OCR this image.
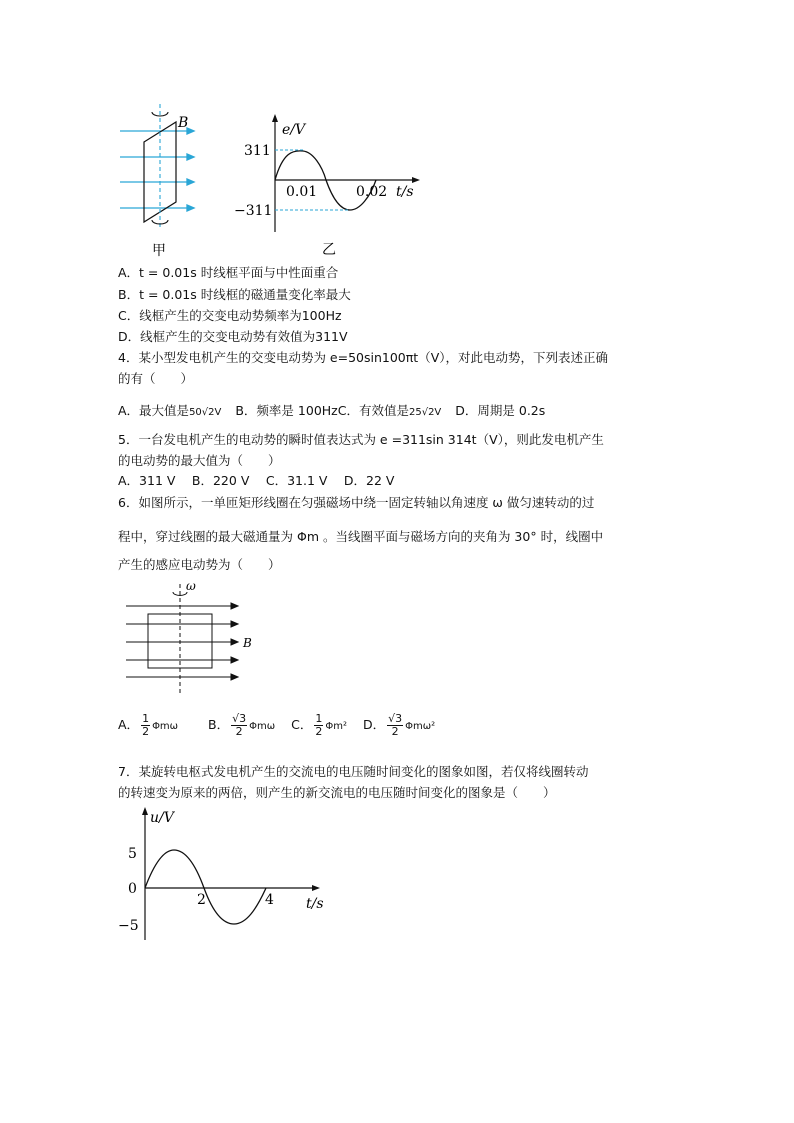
B
甲
e/V
311
−311
0.01	0.02 t/s
乙
A．t = 0.01s 时线框平面与中性面重合
B．t = 0.01s 时线框的磁通量变化率最大
C．线框产生的交变电动势频率为100Hz
D．线框产生的交变电动势有效值为311V
4．某小型发电机产生的交变电动势为 e=50sin100πt（V），对此电动势，下列表述正确
的有（　　）
A．最大值是50√2V B．频率是 100HzC．有效值是25√2V D．周期是 0.2s
5．一台发电机产生的电动势的瞬时值表达式为 e =311sin 314t（V），则此发电机产生
的电动势的最大值为（　　）
A．311 V　 B．220 V　 C．31.1 V　 D．22 V
6．如图所示，一单匝矩形线圈在匀强磁场中绕一固定转轴以角速度 ω 做匀速转动的过
程中，穿过线圈的最大磁通量为 Φm 。当线圈平面与磁场方向的夹角为 30° 时，线圈中
产生的感应电动势为（　　）
ω
B
A． $\frac{1}{2}$ Φmω B． $\frac{√3}{2}$ Φmω C． $\frac{1}{2} \Phi m^2$ D． $\frac{√3}{2} \Phi m\omega^2$
7．某旋转电枢式发电机产生的交流电的电压随时间变化的图象如图，若仅将线圈转动
的转速变为原来的两倍，则产生的新交流电的电压随时间变化的图象是（　　）
u/V
5
0
−5
2	4 t/s
